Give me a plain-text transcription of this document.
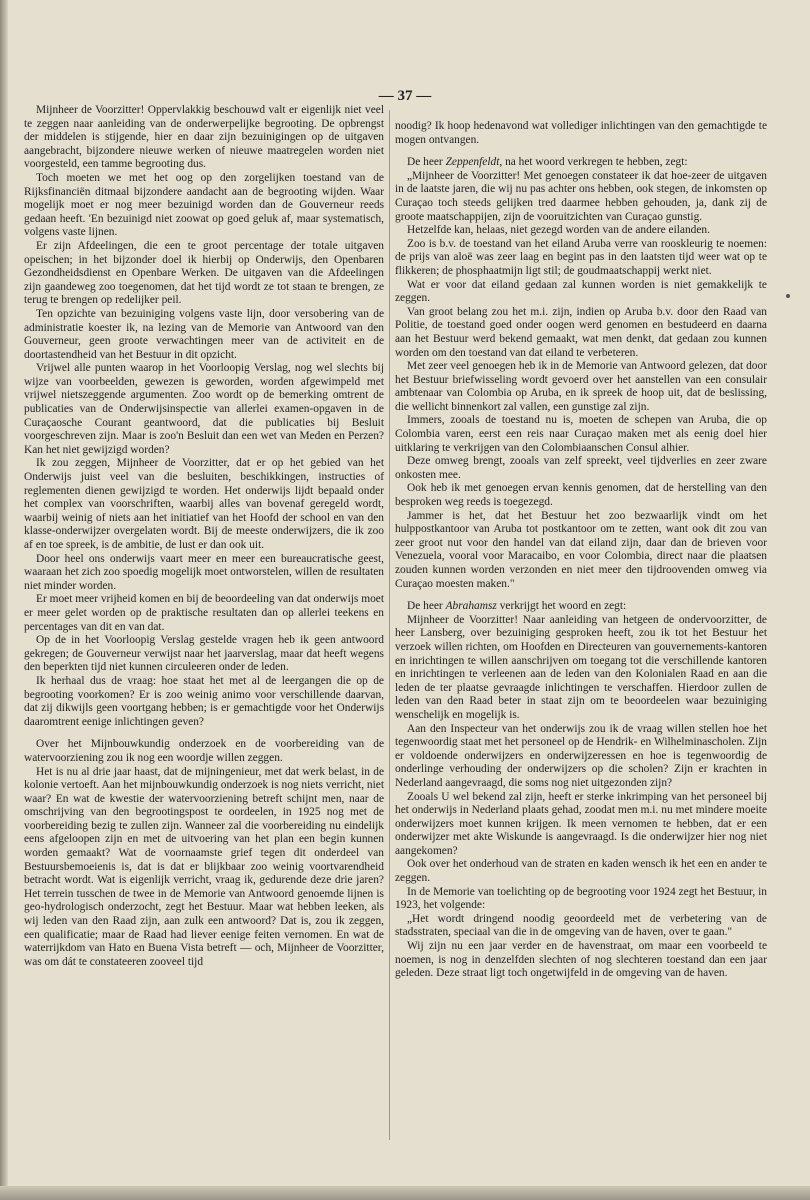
— 37 —

Mijnheer de Voorzitter! Oppervlakkig beschouwd valt er eigenlijk niet veel te zeggen naar aanleiding van de onderwerpelijke begrooting. De opbrengst der middelen is stijgende, hier en daar zijn bezuinigingen op de uitgaven aangebracht, bijzondere nieuwe werken of nieuwe maatregelen worden niet voorgesteld, een tamme begrooting dus.

Toch moeten we met het oog op den zorgelijken toestand van de Rijksfinanciën ditmaal bijzondere aandacht aan de begrooting wijden. Waar mogelijk moet er nog meer bezuinigd worden dan de Gouverneur reeds gedaan heeft. 'En bezuinigd niet zoowat op goed geluk af, maar systematisch, volgens vaste lijnen.

Er zijn Afdeelingen, die een te groot percentage der totale uitgaven opeischen; in het bijzonder doel ik hierbij op Onderwijs, den Openbaren Gezondheidsdienst en Openbare Werken. De uitgaven van die Afdeelingen zijn gaandeweg zoo toegenomen, dat het tijd wordt ze tot staan te brengen, ze terug te brengen op redelijker peil.

Ten opzichte van bezuiniging volgens vaste lijn, door versobering van de administratie koester ik, na lezing van de Memorie van Antwoord van den Gouverneur, geen groote verwachtingen meer van de activiteit en de doortastendheid van het Bestuur in dit opzicht.

Vrijwel alle punten waarop in het Voorloopig Verslag, nog wel slechts bij wijze van voorbeelden, gewezen is geworden, worden afgewimpeld met vrijwel nietszeggende argumenten. Zoo wordt op de bemerking omtrent de publicaties van de Onderwijsinspectie van allerlei examen-opgaven in de Curaçaosche Courant geantwoord, dat die publicaties bij Besluit voorgeschreven zijn. Maar is zoo'n Besluit dan een wet van Meden en Perzen? Kan het niet gewijzigd worden?

Ik zou zeggen, Mijnheer de Voorzitter, dat er op het gebied van het Onderwijs juist veel van die besluiten, beschikkingen, instructies of reglementen dienen gewijzigd te worden. Het onderwijs lijdt bepaald onder het complex van voorschriften, waarbij alles van bovenaf geregeld wordt, waarbij weinig of niets aan het initiatief van het Hoofd der school en van den klasse-onderwijzer overgelaten wordt. Bij de meeste onderwijzers, die ik zoo af en toe spreek, is de ambitie, de lust er dan ook uit.

Door heel ons onderwijs vaart meer en meer een bureaucratische geest, waaraan het zich zoo spoedig mogelijk moet ontworstelen, willen de resultaten niet minder worden.

Er moet meer vrijheid komen en bij de beoordeeling van dat onderwijs moet er meer gelet worden op de praktische resultaten dan op allerlei teekens en percentages van dit en van dat.

Op de in het Voorloopig Verslag gestelde vragen heb ik geen antwoord gekregen; de Gouverneur verwijst naar het jaarverslag, maar dat heeft wegens den beperkten tijd niet kunnen circuleeren onder de leden.

Ik herhaal dus de vraag: hoe staat het met al de leergangen die op de begrooting voorkomen? Er is zoo weinig animo voor verschillende daarvan, dat zij dikwijls geen voortgang hebben; is er gemachtigde voor het Onderwijs daaromtrent eenige inlichtingen geven?

Over het Mijnbouwkundig onderzoek en de voorbereiding van de watervoorziening zou ik nog een woordje willen zeggen.

Het is nu al drie jaar haast, dat de mijningenieur, met dat werk belast, in de kolonie vertoeft. Aan het mijnbouwkundig onderzoek is nog niets verricht, niet waar? En wat de kwestie der watervoorziening betreft schijnt men, naar de omschrijving van den begrootingspost te oordeelen, in 1925 nog met de voorbereiding bezig te zullen zijn. Wanneer zal die voorbereiding nu eindelijk eens afgeloopen zijn en met de uitvoering van het plan een begin kunnen worden gemaakt? Wat de voornaamste grief tegen dit onderdeel van Bestuursbemoeienis is, dat is dat er blijkbaar zoo weinig voortvarendheid betracht wordt. Wat is eigenlijk verricht, vraag ik, gedurende deze drie jaren? Het terrein tusschen de twee in de Memorie van Antwoord genoemde lijnen is geo-hydrologisch onderzocht, zegt het Bestuur. Maar wat hebben leeken, als wij leden van den Raad zijn, aan zulk een antwoord? Dat is, zou ik zeggen, een qualificatie; maar de Raad had liever eenige feiten vernomen. En wat de waterrijkdom van Hato en Buena Vista betreft — och, Mijnheer de Voorzitter, was om dát te constateeren zooveel tijd

noodig? Ik hoop hedenavond wat vollediger inlichtingen van den gemachtigde te mogen ontvangen.

De heer Zeppenfeldt, na het woord verkregen te hebben, zegt:

„Mijnheer de Voorzitter! Met genoegen constateer ik dat hoe-zeer de uitgaven in de laatste jaren, die wij nu pas achter ons hebben, ook stegen, de inkomsten op Curaçao toch steeds gelijken tred daarmee hebben gehouden, ja, dank zij de groote maatschappijen, zijn de vooruitzichten van Curaçao gunstig.

Hetzelfde kan, helaas, niet gezegd worden van de andere eilanden.

Zoo is b.v. de toestand van het eiland Aruba verre van rooskleurig te noemen: de prijs van aloë was zeer laag en begint pas in den laatsten tijd weer wat op te flikkeren; de phosphaatmijn ligt stil; de goudmaatschappij werkt niet.

Wat er voor dat eiland gedaan zal kunnen worden is niet gemakkelijk te zeggen.

Van groot belang zou het m.i. zijn, indien op Aruba b.v. door den Raad van Politie, de toestand goed onder oogen werd genomen en bestudeerd en daarna aan het Bestuur werd bekend gemaakt, wat men denkt, dat gedaan zou kunnen worden om den toestand van dat eiland te verbeteren.

Met zeer veel genoegen heb ik in de Memorie van Antwoord gelezen, dat door het Bestuur briefwisseling wordt gevoerd over het aanstellen van een consulair ambtenaar van Colombia op Aruba, en ik spreek de hoop uit, dat de beslissing, die wellicht binnenkort zal vallen, een gunstige zal zijn.

Immers, zooals de toestand nu is, moeten de schepen van Aruba, die op Colombia varen, eerst een reis naar Curaçao maken met als eenig doel hier uitklaring te verkrijgen van den Colombiaanschen Consul alhier.

Deze omweg brengt, zooals van zelf spreekt, veel tijdverlies en zeer zware onkosten mee.

Ook heb ik met genoegen ervan kennis genomen, dat de herstelling van den besproken weg reeds is toegezegd.

Jammer is het, dat het Bestuur het zoo bezwaarlijk vindt om het hulppostkantoor van Aruba tot postkantoor om te zetten, want ook dit zou van zeer groot nut voor den handel van dat eiland zijn, daar dan de brieven voor Venezuela, vooral voor Maracaibo, en voor Colombia, direct naar die plaatsen zouden kunnen worden verzonden en niet meer den tijdroovenden omweg via Curaçao moesten maken."

De heer Abrahamsz verkrijgt het woord en zegt:

Mijnheer de Voorzitter! Naar aanleiding van hetgeen de ondervoorzitter, de heer Lansberg, over bezuiniging gesproken heeft, zou ik tot het Bestuur het verzoek willen richten, om Hoofden en Directeuren van gouvernements-kantoren en inrichtingen te willen aanschrijven om toegang tot die verschillende kantoren en inrichtingen te verleenen aan de leden van den Kolonialen Raad en aan die leden de ter plaatse gevraagde inlichtingen te verschaffen. Hierdoor zullen de leden van den Raad beter in staat zijn om te beoordeelen waar bezuiniging wenschelijk en mogelijk is.

Aan den Inspecteur van het onderwijs zou ik de vraag willen stellen hoe het tegenwoordig staat met het personeel op de Hendrik- en Wilhelminascholen. Zijn er voldoende onderwijzers en onderwijzeressen en hoe is tegenwoordig de onderlinge verhouding der onderwijzers op die scholen? Zijn er krachten in Nederland aangevraagd, die soms nog niet uitgezonden zijn?

Zooals U wel bekend zal zijn, heeft er sterke inkrimping van het personeel bij het onderwijs in Nederland plaats gehad, zoodat men m.i. nu met mindere moeite onderwijzers moet kunnen krijgen. Ik meen vernomen te hebben, dat er een onderwijzer met akte Wiskunde is aangevraagd. Is die onderwijzer hier nog niet aangekomen?

Ook over het onderhoud van de straten en kaden wensch ik het een en ander te zeggen.

In de Memorie van toelichting op de begrooting voor 1924 zegt het Bestuur, in 1923, het volgende:

„Het wordt dringend noodig geoordeeld met de verbetering van de stadsstraten, speciaal van die in de omgeving van de haven, over te gaan."

Wij zijn nu een jaar verder en de havenstraat, om maar een voorbeeld te noemen, is nog in denzelfden slechten of nog slechteren toestand dan een jaar geleden. Deze straat ligt toch ongetwijfeld in de omgeving van de haven.
